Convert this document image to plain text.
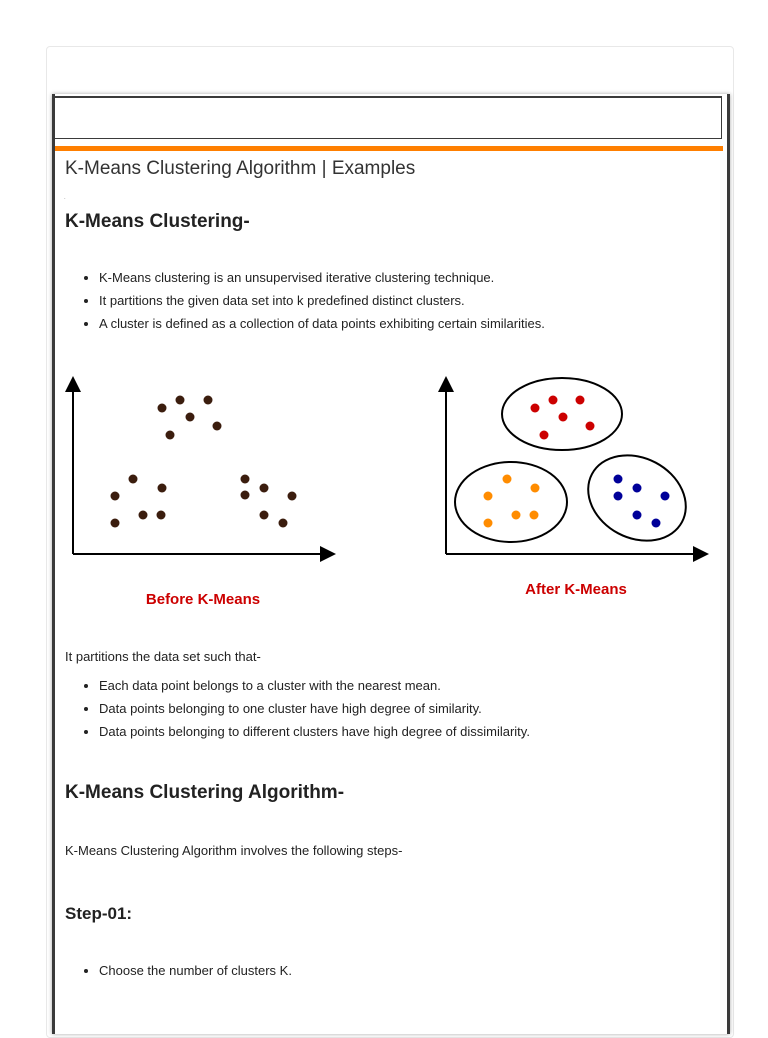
K-Means Clustering Algorithm | Examples
.
K-Means Clustering-
• K-Means clustering is an unsupervised iterative clustering technique.
• It partitions the given data set into k predefined distinct clusters.
• A cluster is defined as a collection of data points exhibiting certain similarities.
Before K-Means
After K-Means

It partitions the data set such that-

• Each data point belongs to a cluster with the nearest mean.
• Data points belonging to one cluster have high degree of similarity.
• Data points belonging to different clusters have high degree of dissimilarity.
K-Means Clustering Algorithm-

K-Means Clustering Algorithm involves the following steps-

Step-01:
• Choose the number of clusters K.
